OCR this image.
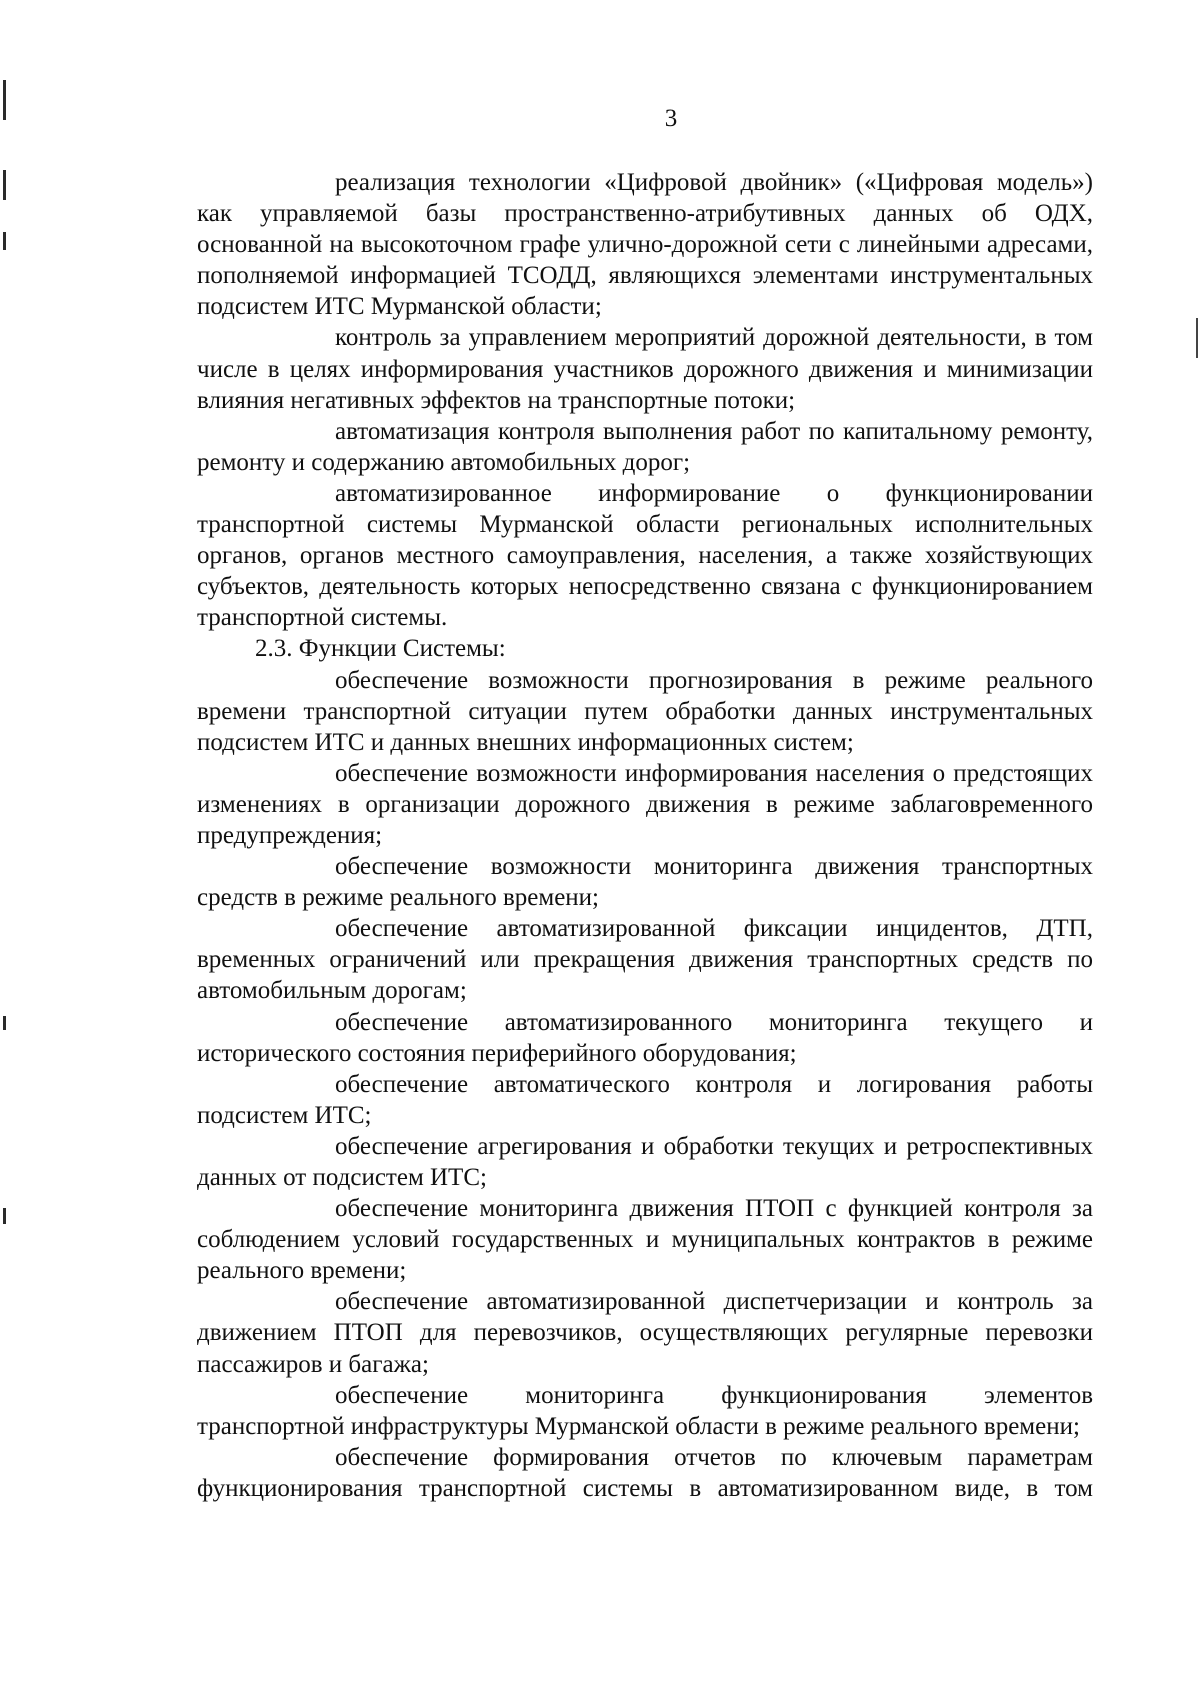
3

реализация технологии «Цифровой двойник» («Цифровая модель») как управляемой базы пространственно-атрибутивных данных об ОДХ, основанной на высокоточном графе улично-дорожной сети с линейными адресами, пополняемой информацией ТСОДД, являющихся элементами инструментальных подсистем ИТС Мурманской области;

контроль за управлением мероприятий дорожной деятельности, в том числе в целях информирования участников дорожного движения и минимизации влияния негативных эффектов на транспортные потоки;

автоматизация контроля выполнения работ по капитальному ремонту, ремонту и содержанию автомобильных дорог;

автоматизированное информирование о функционировании транспортной системы Мурманской области региональных исполнительных органов, органов местного самоуправления, населения, а также хозяйствующих субъектов, деятельность которых непосредственно связана с функционированием транспортной системы.

2.3. Функции Системы:

обеспечение возможности прогнозирования в режиме реального времени транспортной ситуации путем обработки данных инструментальных подсистем ИТС и данных внешних информационных систем;

обеспечение возможности информирования населения о предстоящих изменениях в организации дорожного движения в режиме заблаговременного предупреждения;

обеспечение возможности мониторинга движения транспортных средств в режиме реального времени;

обеспечение автоматизированной фиксации инцидентов, ДТП, временных ограничений или прекращения движения транспортных средств по автомобильным дорогам;

обеспечение автоматизированного мониторинга текущего и исторического состояния периферийного оборудования;

обеспечение автоматического контроля и логирования работы подсистем ИТС;

обеспечение агрегирования и обработки текущих и ретроспективных данных от подсистем ИТС;

обеспечение мониторинга движения ПТОП с функцией контроля за соблюдением условий государственных и муниципальных контрактов в режиме реального времени;

обеспечение автоматизированной диспетчеризации и контроль за движением ПТОП для перевозчиков, осуществляющих регулярные перевозки пассажиров и багажа;

обеспечение мониторинга функционирования элементов транспортной инфраструктуры Мурманской области в режиме реального времени;

обеспечение формирования отчетов по ключевым параметрам функционирования транспортной системы в автоматизированном виде, в том
